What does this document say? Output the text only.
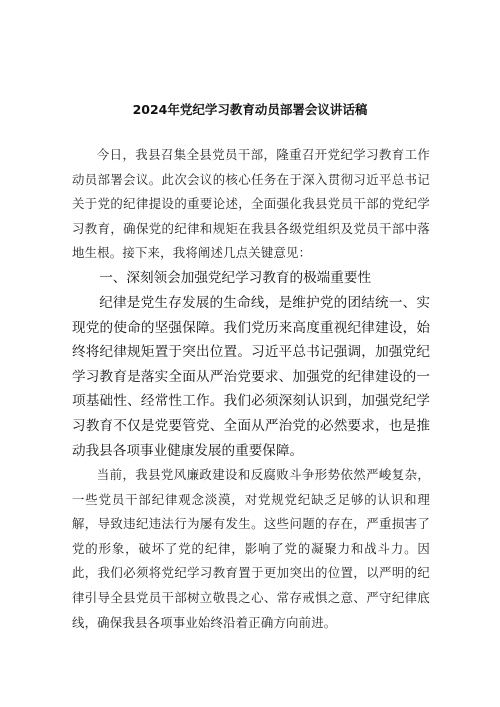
2024年党纪学习教育动员部署会议讲话稿

今日，我县召集全县党员干部，隆重召开党纪学习教育工作动员部署会议。此次会议的核心任务在于深入贯彻习近平总书记关于党的纪律提设的重要论述，全面强化我县党员干部的党纪学习教育，确保党的纪律和规矩在我县各级党组织及党员干部中落地生根。接下来，我将阐述几点关键意见：

一、深刻领会加强党纪学习教育的极端重要性

纪律是党生存发展的生命线，是维护党的团结统一、实现党的使命的坚强保障。我们党历来高度重视纪律建设，始终将纪律规矩置于突出位置。习近平总书记强调，加强党纪学习教育是落实全面从严治党要求、加强党的纪律建设的一项基础性、经常性工作。我们必须深刻认识到，加强党纪学习教育不仅是党要管党、全面从严治党的必然要求，也是推动我县各项事业健康发展的重要保障。

当前，我县党风廉政建设和反腐败斗争形势依然严峻复杂，一些党员干部纪律观念淡漠，对党规党纪缺乏足够的认识和理解，导致违纪违法行为屡有发生。这些问题的存在，严重损害了党的形象，破坏了党的纪律，影响了党的凝聚力和战斗力。因此，我们必须将党纪学习教育置于更加突出的位置，以严明的纪律引导全县党员干部树立敬畏之心、常存戒惧之意、严守纪律底线，确保我县各项事业始终沿着正确方向前进。
